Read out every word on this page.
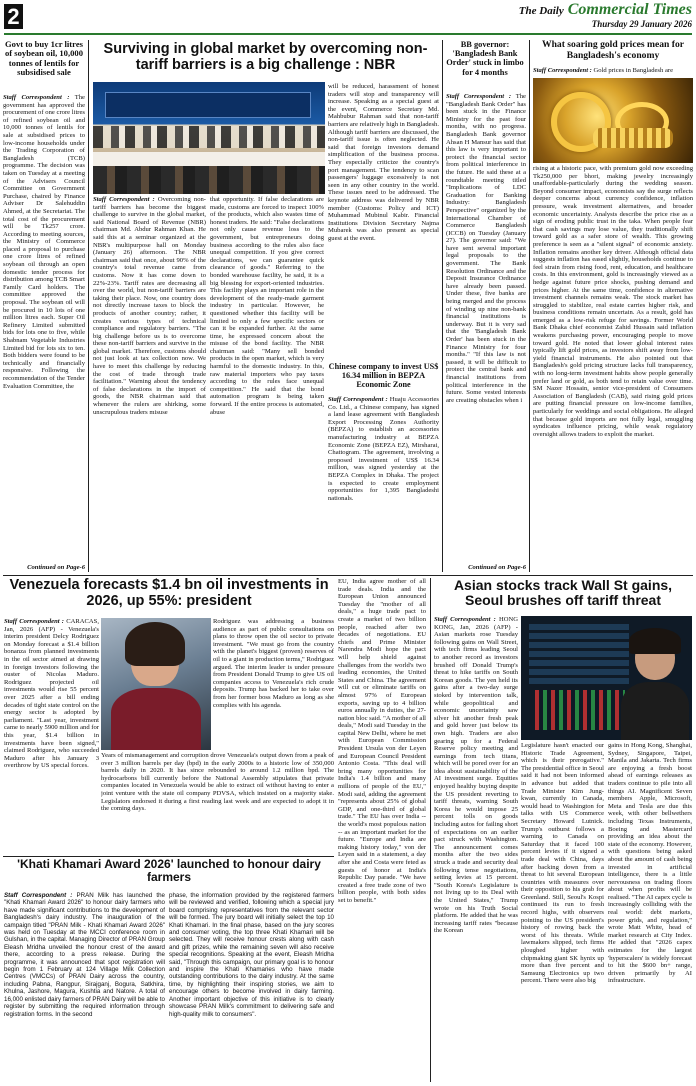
2	The Daily Commercial Times
Thursday 29 January 2026
Govt to buy 1cr litres of soybean oil, 10,000 tonnes of lentils for subsidised sale
Staff Correspondent : The government has approved the procurement of one crore litres of refined soybean oil and 10,000 tonnes of lentils for sale at subsidised prices to low-income households under the Trading Corporation of Bangladesh (TCB) programme. The decision was taken on Tuesday at a meeting of the Advisers Council Committee on Government Purchase, chaired by Finance Adviser Dr Salehuddin Ahmed, at the Secretariat. The total cost of the procurement will be Tk257 crore. According to meeting sources, the Ministry of Commerce placed a proposal to purchase one crore litres of refined soybean oil through an open domestic tender process for distribution among TCB Smart Family Card holders. The committee approved the proposal. The soybean oil will be procured in 10 lots of one million litres each. Super Oil Refinery Limited submitted bids for lots one to five, while Shabnam Vegetable Industries Limited bid for lots six to ten. Both bidders were found to be technically and financially responsive. Following the recommendation of the Tender Evaluation Committee, the
Continued on Page-6
Surviving in global market by overcoming non-tariff barriers is a big challenge : NBR
Staff Correspondent : Overcoming non-tariff barriers has become the biggest challenge to survive in the global market, said National Board of Revenue (NBR) chairman Md. Abdur Rahman Khan. He said this at a seminar organized at the NBR's multipurpose hall on Monday (January 26) afternoon. The NBR chairman said that once, about 90% of the country's total revenue came from customs. Now it has come down to 22%-23%. Tariff rates are decreasing all over the world, but non-tariff barriers are taking their place. Now, one country does not directly increase taxes to block the products of another country; rather, it creates various types of technical compliance and regulatory barriers. "The big challenge before us is to overcome these non-tariff barriers and survive in the global market. Therefore, customs should not just look at tax collection now. We have to meet this challenge by reducing the cost of trade through trade facilitation." Warning about the tendency of false declarations in the import of goods, the NBR chairman said that whenever the rulers are shirking, some unscrupulous traders misuse
that opportunity. If false declarations are made, customs are forced to inspect 100% of the products, which also wastes time of honest traders. He said: "False declarations not only cause revenue loss to the government, but entrepreneurs doing business according to the rules also face unequal competition. If you give correct declarations, we can guarantee quick clearance of goods." Referring to the bonded warehouse facility, he said, it is a big blessing for export-oriented industries. This facility plays an important role in the development of the ready-made garment industry in particular. However, he questioned whether this facility will be limited to only a few specific sectors or can it be expanded further. At the same time, he expressed concern about the misuse of the bond facility. The NBR chairman said: "Many sell bonded products in the open market, which is very harmful to the domestic industry. In this, raw material importers who pay taxes according to the rules face unequal competition." He said that the bond automation program is being taken forward. If the entire process is automated, abuse
will be reduced, harassment of honest traders will stop and transparency will increase. Speaking as a special guest at the event, Commerce Secretary Md. Mahbubur Rahman said that non-tariff barriers are relatively high in Bangladesh. Although tariff barriers are discussed, the non-tariff issue is often neglected. He said that foreign investors demand simplification of the business process. They especially criticize the country's port management. The tendency to scan passengers' luggage excessively is not seen in any other country in the world. These issues need to be addressed. The keynote address was delivered by NBR member (Customs: Policy and ICT) Muhammad Mubinul Kabir. Financial Institutions Division Secretary Najma Mubarek was also present as special guest at the event.
Chinese company to invest US$ 16.34 million in BEPZA Economic Zone
Staff Correspondent : Huaju Accessories Co. Ltd., a Chinese company, has signed a land lease agreement with Bangladesh Export Processing Zones Authority (BEPZA) to establish an accessories manufacturing industry at BEPZA Economic Zone (BEPZA EZ), Mirsharai, Chattogram. The agreement, involving a proposed investment of US$ 16.34 million, was signed yesterday at the BEPZA Complex in Dhaka. The project is expected to create employment opportunities for 1,395 Bangladeshi nationals.
BB governor: 'Bangladesh Bank Order' stuck in limbo for 4 months
Staff Correspondent : The "Bangladesh Bank Order" has been stuck in the Finance Ministry for the past four months, with no progress. Bangladesh Bank governor Ahsan H Mansur has said that this law is very important to protect the financial sector from political interference in the future. He said these at a roundtable meeting titled "Implications of LDC Graduation for Banking Industry: Bangladesh Perspective" organized by the International Chamber of Commerce Bangladesh (ICCB) on Tuesday (January 27). The governor said: "We have sent several important legal proposals to the government. The Bank Resolution Ordinance and the Deposit Insurance Ordinance have already been passed. Under these, five banks are being merged and the process of winding up nine non-bank financial institutions is underway. But it is very sad that the 'Bangladesh Bank Order' has been stuck in the Finance Ministry for four months." "If this law is not passed, it will be difficult to protect the central bank and financial institutions from political interference in the future. Some vested interests are creating obstacles when i
Continued on Page-6
What soaring gold prices mean for Bangladesh's economy
Staff Correspondent : Gold prices in Bangladesh are
rising at a historic pace, with premium gold now exceeding Tk250,000 per bhori, making jewelry increasingly unaffordable-particularly during the wedding season. Beyond consumer impact, economists say the surge reflects deeper concerns about currency confidence, inflation pressure, weak investment alternatives, and broader economic uncertainty. Analysts describe the price rise as a sign of eroding public trust in the taka. When people fear that cash savings may lose value, they traditionally shift toward gold as a safer store of wealth. This growing preference is seen as a "silent signal" of economic anxiety. Inflation remains another key driver. Although official data suggests inflation has eased slightly, households continue to feel strain from rising food, rent, education, and healthcare costs. In this environment, gold is increasingly viewed as a hedge against future price shocks, pushing demand and prices higher. At the same time, confidence in alternative investment channels remains weak. The stock market has struggled to stabilize, real estate carries higher risk, and business conditions remain uncertain. As a result, gold has emerged as a low-risk refuge for savings. Former World Bank Dhaka chief economist Zahid Hussain said inflation weakens purchasing power, encouraging people to move toward gold. He noted that lower global interest rates typically lift gold prices, as investors shift away from low-yield financial instruments. He also pointed out that Bangladesh's gold pricing structure lacks full transparency, with no long-term investment habits show people generally prefer land or gold, as both tend to retain value over time. SM Nazer Hossain, senior vice-president of Consumers Association of Bangladesh (CAB), said rising gold prices are putting financial pressure on low-income families, particularly for weddings and social obligations. He alleged that because gold imports are not fully legal, smuggling syndicates influence pricing, while weak regulatory oversight allows traders to exploit the market.
Venezuela forecasts $1.4 bn oil investments in 2026, up 55%: president
Staff Correspondent : CARACAS, Jan, 2026 (AFP) - Venezuela's interim president Delcy Rodriguez on Monday forecast a $1.4 billion bonanza from planned investments in the oil sector aimed at drawing in foreign investors following the ouster of Nicolas Maduro. Rodriguez projected oil investments would rise 55 percent over 2025 after a bill ending decades of tight state control on the energy sector is adopted by parliament. "Last year, investment came to nearly 5900 million and for this year, $1.4 billion in investments have been signed," claimed Rodriguez, who succeeded Maduro after his January 3 overthrow by US special forces.
Rodriguez was addressing a business audience as part of public consultations on plans to throw open the oil sector to private investment. "We must go from the country with the planet's biggest (proven) reserves of oil to a giant in production terms," Rodriguez argued. The interim leader is under pressure from President Donald Trump to give US oil companies access to Venezuela's rich crude deposits. Trump has backed her to take over from her former boss Maduro as long as she complies with his agenda.
Years of mismanagement and corruption drove Venezuela's output down from a peak of over 3 million barrels per day (bpd) in the early 2000s to a historic low of 350,000 barrels daily in 2020. It has since rebounded to around 1.2 million bpd. The hydrocarbons bill currently before the National Assembly stipulates that private companies located in Venezuela would be able to extract oil without having to enter a joint venture with the state oil company PDVSA, which insisted on a majority stake. Legislators endorsed it during a first reading last week and are expected to adopt it in the coming days.
EU, India agree mother of all trade deals. India and the European Union announced Tuesday the "mother of all deals," a huge trade pact to create a market of two billion people, reached after two decades of negotiations. EU chiefs and Prime Minister Narendra Modi hope the pact will help shield against challenges from the world's two leading economies, the United States and China. The agreement will cut or eliminate tariffs on almost 97% of European exports, saving up to 4 billion euros annually in duties, the 27-nation bloc said. "A mother of all deals," Modi said Tuesday in the capital New Delhi, where he met with European Commission President Ursula von der Leyen and European Council President Antonio Costa. "This deal will bring many opportunities for India's 1.4 billion and many millions of people of the EU," Modi said, adding the agreement "represents about 25% of global GDP, and one-third of global trade." The EU has over India -- the world's most populous nation -- as an important market for the future. "Europe and India are making history today," von der Leyen said in a statement, a day after she and Costa were feted as guests of honor at India's Republic Day parade. "We have created a free trade zone of two billion people, with both sides set to benefit."
'Khati Khamari Award 2026' launched to honour dairy farmers
Staff Correspondent : PRAN Milk has launched the "Khati Khamari Award 2026" to honour dairy farmers who have made significant contributions to the development of Bangladesh's dairy industry. The inauguration of the campaign titled "PRAN Milk - Khati Khamari Award 2026" was held on Tuesday at the MCCI conference room in Gulshan, in the capital. Managing Director of PRAN Group Eleash Mridha unveiled the honour crest of the award there, according to a press release. During the programme, it was announced that spot registration will begin from 1 February at 124 Village Milk Collection Centres (VMCCs) of PRAN Dairy across the country, including Pabna, Rangpur, Sirajganj, Bogura, Satkhira, Khulna, Jashore, Magura, Kushtia and Natore. A total of 16,000 enlisted dairy farmers of PRAN Dairy will be able to register by submitting the required information through registration forms. In the second
phase, the information provided by the registered farmers will be reviewed and verified, following which a special jury board comprising representatives from the relevant sector will be formed. The jury board will initially select the top 10 Khati Khamari. In the final phase, based on the jury scores and consumer voting, the top three Khati Khamari will be selected. They will receive honour crests along with cash and gift prizes, while the remaining seven will also receive special recognitions. Speaking at the event, Eleash Mridha said, "Through this campaign, our primary goal is to honour and inspire the Khati Khamaries who have made outstanding contributions to the dairy industry. At the same time, by highlighting their inspiring stories, we aim to encourage others to become involved in dairy farming. Another important objective of this initiative is to clearly showcase PRAN Milk's commitment to delivering safe and high-quality milk to consumers".
Asian stocks track Wall St gains, Seoul brushes off tariff threat
Staff Correspondent : HONG KONG, Jan, 2026 (AFP) - Asian markets rose Tuesday following gains on Wall Street, with tech firms leading Seoul to another record as investors brushed off Donald Trump's threat to hike tariffs on South Korean goods. The yen held its gains after a two-day surge stoked by intervention talk, while geopolitical and economic uncertainty saw silver hit another fresh peak and gold hover just below its own high. Traders are also gearing up for a Federal Reserve policy meeting and earnings from tech titans, which will be pored over for an idea about sustainability of the AI investment surge. Equities enjoyed healthy buying despite the US president reverting to tariff threats, warning South Korea he would impose 25 percent tolls on goods including autos for failing short of expectations on an earlier pact struck with Washington. The announcement comes months after the two sides struck a trade and security deal following tense negotiations, setting levies at 15 percent. "South Korea's Legislature is not living up to its Deal with the United States," Trump wrote on his Truth Social platform. He added that he was increasing tariff rates "because the Korean
Legislature hasn't enacted our Historic Trade Agreement, which is their prerogative." The presidential office in Seoul said it had not been informed in advance but added that Trade Minister Kim Jung-kwan, currently in Canada, would head to Washington for talks with US Commerce Secretary Howard Lutnick. Trump's outburst follows a warning to Canada on Saturday that it faced 100 percent levies if it signed a trade deal with China, days after backing down from a threat to hit several European countries with measures over their opposition to his grab for Greenland. Still, Seoul's Kospi continued its run to fresh record highs, with observers pointing to the US president's history of rowing back the worst of his threats. While lawmakers slipped, tech firms ploughed higher with chipmaking giant SK hynix up more than five percent and Samsung Electronics up two percent. There were also big
gains in Hong Kong, Shanghai, Sydney, Singapore, Taipei, Manila and Jakarta. Tech firms are enjoying a fresh boost ahead of earnings releases as traders continue to pile into all things AI. Magnificent Seven members Apple, Microsoft, Meta and Tesla are due this week, with other bellwethers including Texas Instruments, Boeing and Mastercard providing an idea about the state of the economy. However, with questions being asked about the amount of cash being invested in artificial intelligence, there is a little nervousness on trading floors about when profits will be realised. "The AI capex cycle is increasingly colliding with the real world: debt markets, power grids, and regulation," wrote Matt White, head of market research at City Index. He added that "2026 capex estimates for the largest 'hyperscalers' is widely forecast to hit the $600 bn+ range, driven primarily by AI infrastructure.
